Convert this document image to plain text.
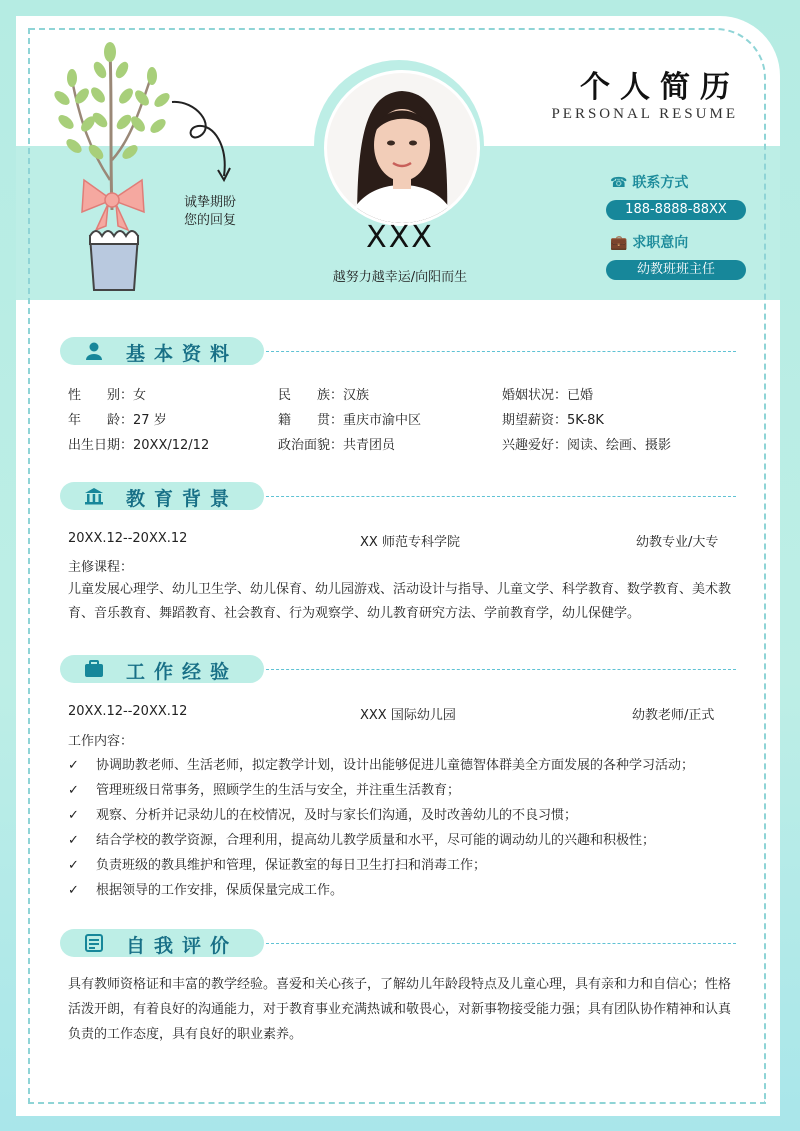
诚挚期盼
您的回复	XXX
越努力越幸运/向阳而生
个人简历
PERSONAL RESUME
☎ 联系方式
188-8888-88XX
💼 求职意向
幼教班班主任
基本资料
性　　别：女	民　　族：汉族	婚姻状况：已婚
年　　龄：27 岁	籍　　贯：重庆市渝中区	期望薪资：5K-8K
出生日期：20XX/12/12	政治面貌：共青团员	兴趣爱好：阅读、绘画、摄影
教育背景
20XX.12--20XX.12	XX 师范专科学院	幼教专业/大专
主修课程：
儿童发展心理学、幼儿卫生学、幼儿保育、幼儿园游戏、活动设计与指导、儿童文学、科学教育、数学教育、美术教育、音乐教育、舞蹈教育、社会教育、行为观察学、幼儿教育研究方法、学前教育学，幼儿保健学。
工作经验
20XX.12--20XX.12	XXX 国际幼儿园	幼教老师/正式
工作内容：
✓ 协调助教老师、生活老师，拟定教学计划，设计出能够促进儿童德智体群美全方面发展的各种学习活动；
✓ 管理班级日常事务，照顾学生的生活与安全，并注重生活教育；
✓ 观察、分析并记录幼儿的在校情况，及时与家长们沟通，及时改善幼儿的不良习惯；
✓ 结合学校的教学资源，合理利用，提高幼儿教学质量和水平，尽可能的调动幼儿的兴趣和积极性；
✓ 负责班级的教具维护和管理，保证教室的每日卫生打扫和消毒工作；
✓ 根据领导的工作安排，保质保量完成工作。
自我评价
具有教师资格证和丰富的教学经验。喜爱和关心孩子，了解幼儿年龄段特点及儿童心理，具有亲和力和自信心；性格活泼开朗，有着良好的沟通能力，对于教育事业充满热诚和敬畏心，对新事物接受能力强；具有团队协作精神和认真负责的工作态度，具有良好的职业素养。
